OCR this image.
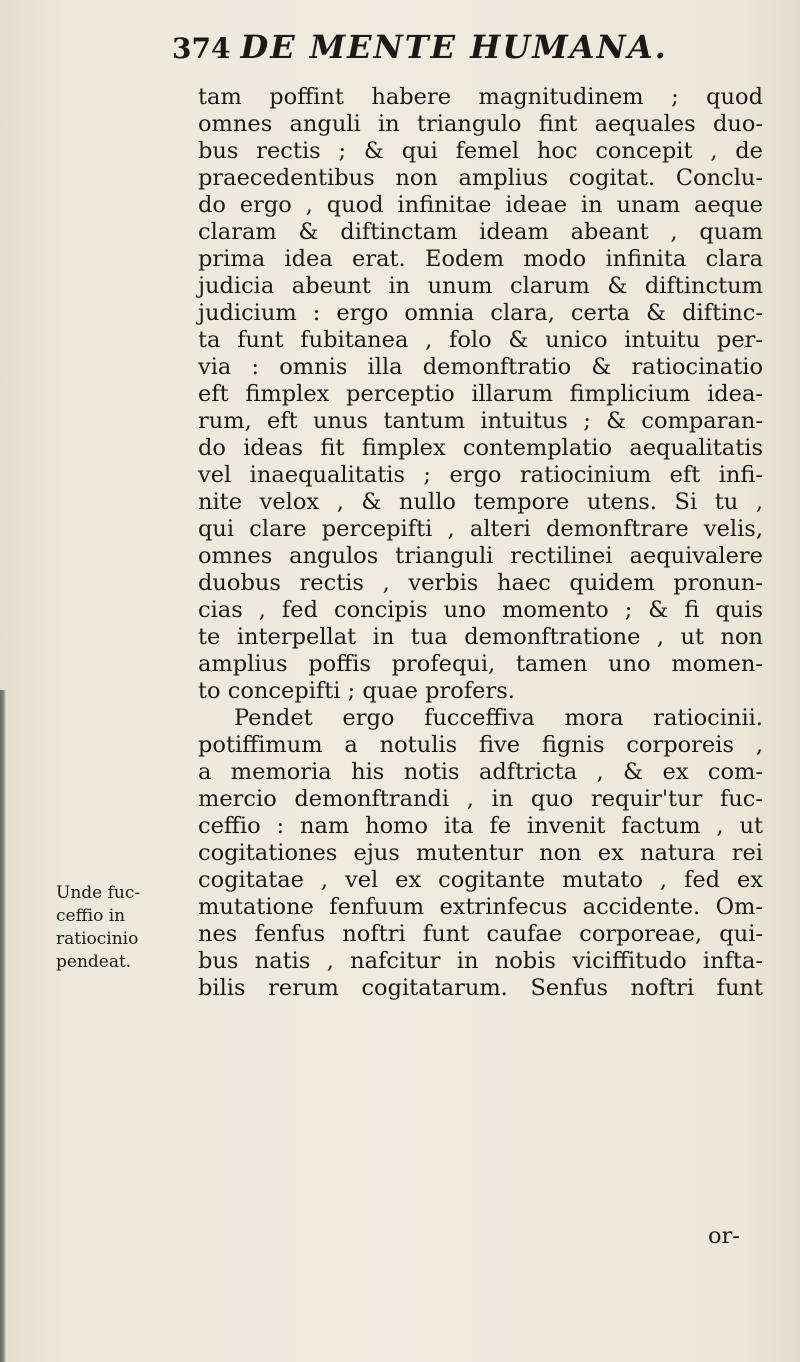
374 DE MENTE HUMANA.
Unde fuc-
ceffio in
ratiocinio
pendeat.
tam poffint habere magnitudinem ; quod
omnes anguli in triangulo fint aequales duo-
bus rectis ; & qui femel hoc concepit , de
praecedentibus non amplius cogitat. Conclu-
do ergo , quod infinitae ideae in unam aeque
claram & diftinctam ideam abeant , quam
prima idea erat. Eodem modo infinita clara
judicia abeunt in unum clarum & diftinctum
judicium : ergo omnia clara, certa & diftinc-
ta funt fubitanea , folo & unico intuitu per-
via : omnis illa demonftratio & ratiocinatio
eft fimplex perceptio illarum fimplicium idea-
rum, eft unus tantum intuitus ; & comparan-
do ideas fit fimplex contemplatio aequalitatis
vel inaequalitatis ; ergo ratiocinium eft infi-
nite velox , & nullo tempore utens. Si tu ,
qui clare percepifti , alteri demonftrare velis,
omnes angulos trianguli rectilinei aequivalere
duobus rectis , verbis haec quidem pronun-
cias , fed concipis uno momento ; & fi quis
te interpellat in tua demonftratione , ut non
amplius poffis profequi, tamen uno momen-
to concepifti ; quae profers.
Pendet ergo fucceffiva mora ratiocinii.
potiffimum a notulis five fignis corporeis ,
a memoria his notis adftricta , & ex com-
mercio demonftrandi , in quo requir'tur fuc-
ceffio : nam homo ita fe invenit factum , ut
cogitationes ejus mutentur non ex natura rei
cogitatae , vel ex cogitante mutato , fed ex
mutatione fenfuum extrinfecus accidente. Om-
nes fenfus noftri funt caufae corporeae, qui-
bus natis , nafcitur in nobis viciffitudo infta-
bilis rerum cogitatarum. Senfus noftri funt
or-
